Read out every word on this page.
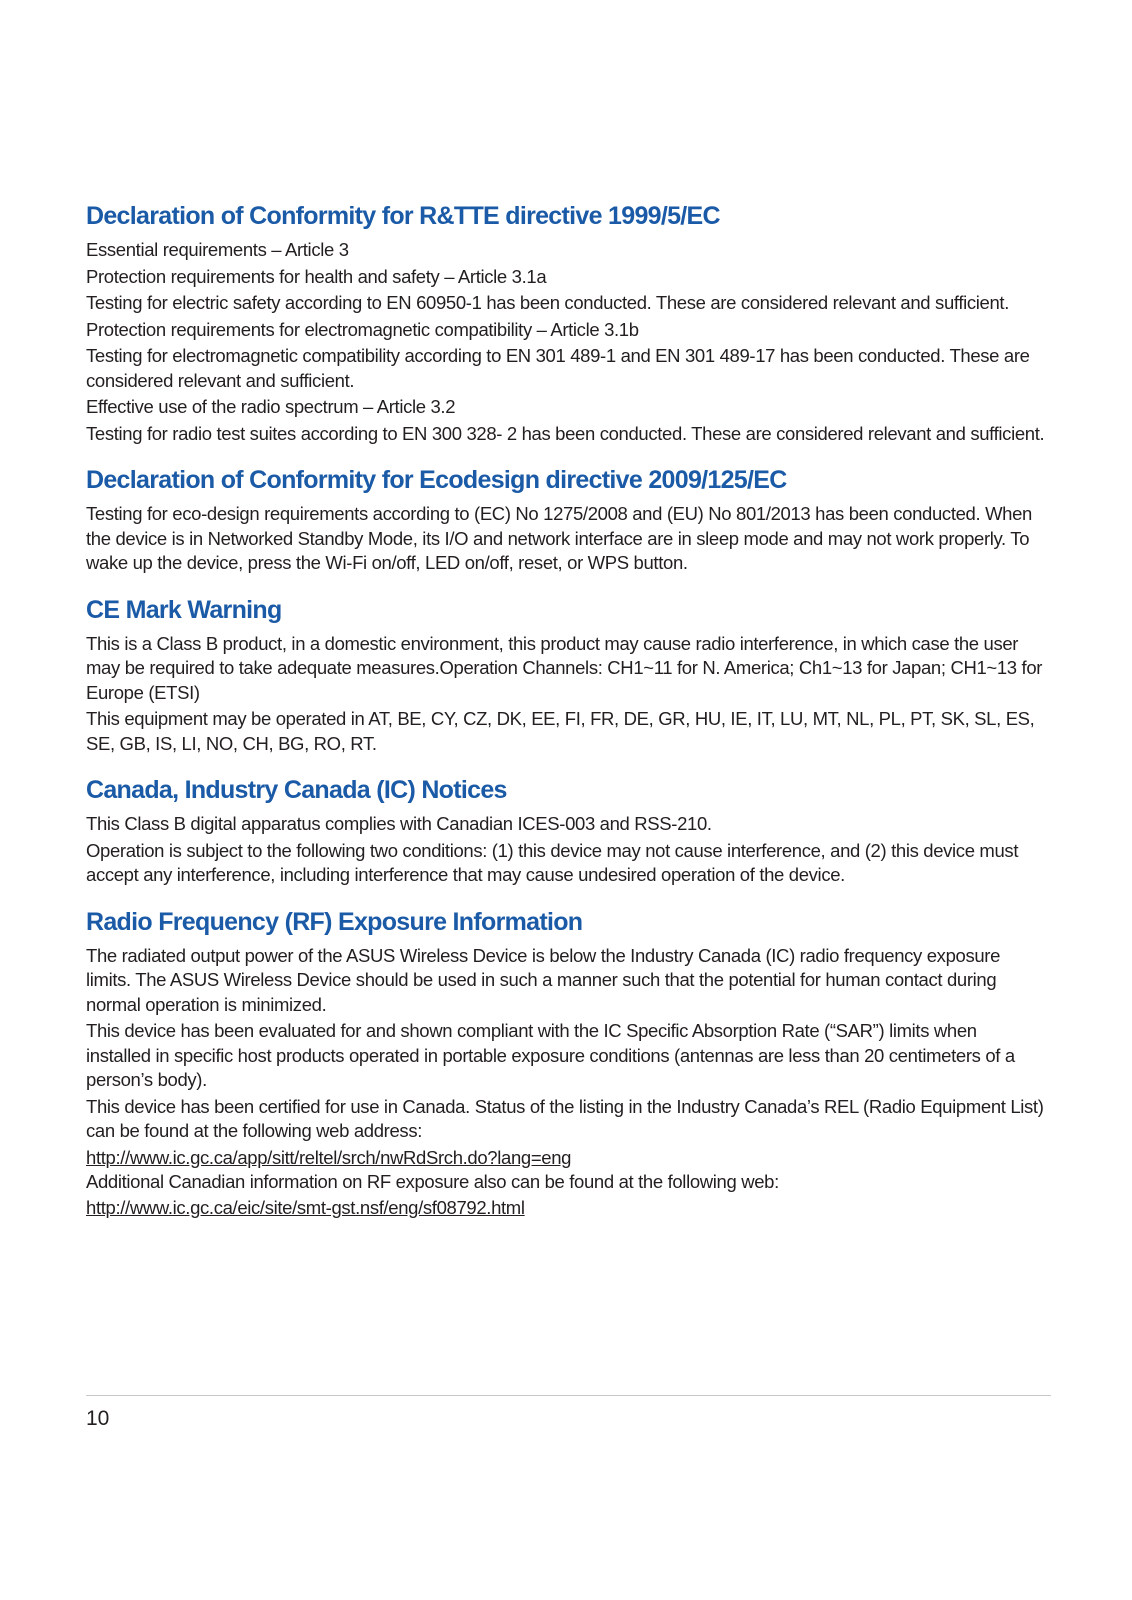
Declaration of Conformity for R&TTE directive 1999/5/EC

Essential requirements – Article 3

Protection requirements for health and safety – Article 3.1a

Testing for electric safety according to EN 60950-1 has been conducted. These are considered relevant and sufficient.

Protection requirements for electromagnetic compatibility – Article 3.1b

Testing for electromagnetic compatibility according to EN 301 489-1 and EN 301 489-17 has been conducted. These are considered relevant and sufficient.

Effective use of the radio spectrum – Article 3.2

Testing for radio test suites according to EN 300 328- 2 has been conducted. These are considered relevant and sufficient.

Declaration of Conformity for Ecodesign directive 2009/125/EC

Testing for eco-design requirements according to (EC) No 1275/2008 and (EU) No 801/2013 has been conducted. When the device is in Networked Standby Mode, its I/O and network interface are in sleep mode and may not work properly. To wake up the device, press the Wi-Fi on/off, LED on/off, reset, or WPS button.

CE Mark Warning

This is a Class B product, in a domestic environment, this product may cause radio interference, in which case the user may be required to take adequate measures.Operation Channels: CH1~11 for N. America; Ch1~13 for Japan; CH1~13 for Europe (ETSI)

This equipment may be operated in AT, BE, CY, CZ, DK, EE, FI, FR, DE, GR, HU, IE, IT, LU, MT, NL, PL, PT, SK, SL, ES, SE, GB, IS, LI, NO, CH, BG, RO, RT.

Canada, Industry Canada (IC) Notices

This Class B digital apparatus complies with Canadian ICES-003 and RSS-210.

Operation is subject to the following two conditions: (1) this device may not cause interference, and (2) this device must accept any interference, including interference that may cause undesired operation of the device.

Radio Frequency (RF) Exposure Information

The radiated output power of the ASUS Wireless Device is below the Industry Canada (IC) radio frequency exposure limits. The ASUS Wireless Device should be used in such a manner such that the potential for human contact during normal operation is minimized.

This device has been evaluated for and shown compliant with the IC Specific Absorption Rate (“SAR”) limits when installed in specific host products operated in portable exposure conditions (antennas are less than 20 centimeters of a person’s body).

This device has been certified for use in Canada. Status of the listing in the Industry Canada’s REL (Radio Equipment List) can be found at the following web address:

http://www.ic.gc.ca/app/sitt/reltel/srch/nwRdSrch.do?lang=eng

Additional Canadian information on RF exposure also can be found at the following web:

http://www.ic.gc.ca/eic/site/smt-gst.nsf/eng/sf08792.html
10
